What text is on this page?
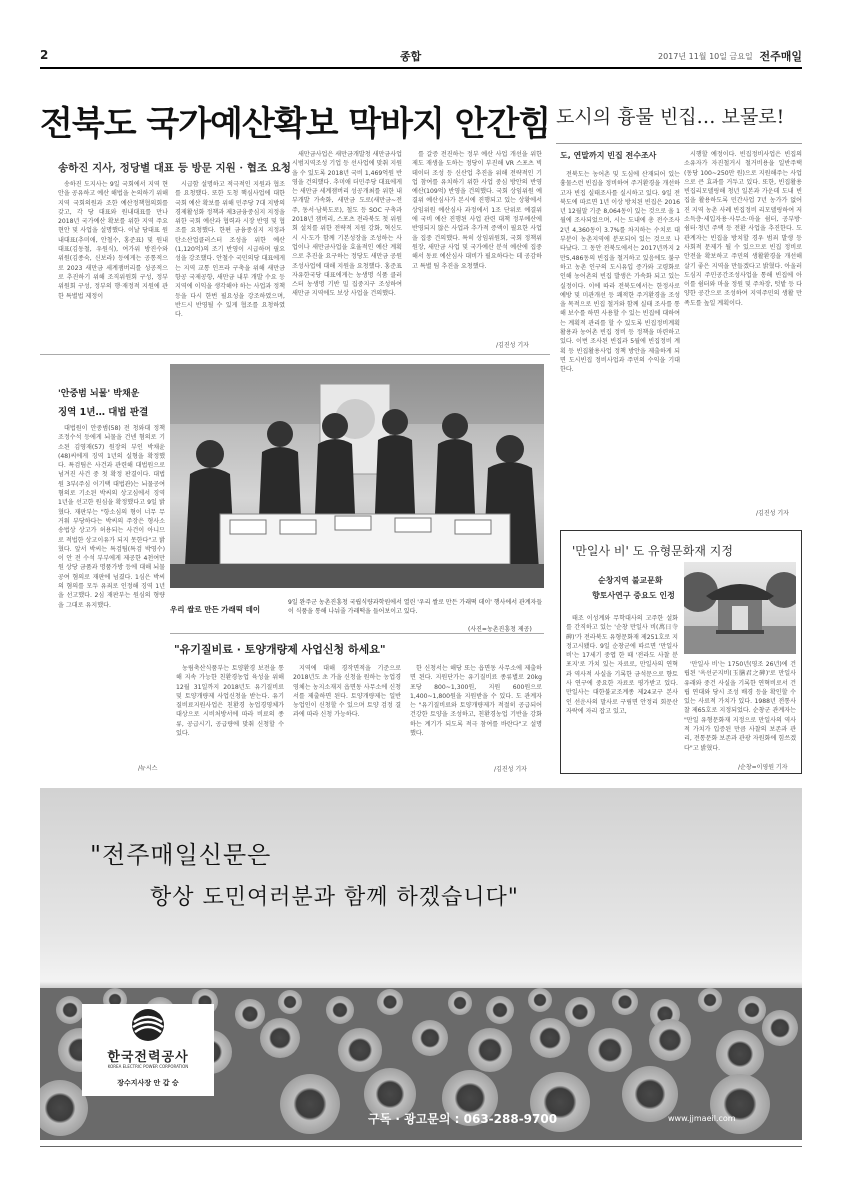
2	종합	2017년 11월 10일 금요일 전주매일
전북도 국가예산확보 막바지 안간힘
송하진 지사, 정당별 대표 등 방문 지원 · 협조 요청

송하진 도지사는 9일 국회에서 지역 현안을 공유하고 예산 해법을 논의하기 위해 지역 국회의원과 조한 예산정책협의회를 갖고, 각 당 대표와 원내대표를 만나 2018년 국가예산 확보를 위한 지역 주요현안 및 사업을 설명했다. 이날 당대표 원내대표(추미애, 안철수, 홍준표) 및 원내대표(김동철, 우원식), 여가위 방진수와 위원(김종숙, 신보라) 등에게는 공통적으로 2023 새만금 세계잼버리를 성공적으로 추진하기 위해 조직위원회 구성, 정부위원회 구성, 정부의 행·재정적 지원에 관한 특별법 제정이

시급함 설명하고 적극적인 지원과 협조를 요청했다. 또한 도청 핵심사업에 대한 국회 예산 확보를 위해 민주당 7대 지방의 경제활성화 정책과 제3금융중심지 지정을 위한 국회 예산과 협력과 시장 반영 및 협조를 요청했다. 한편 금융중심지 지정과 탄소산업클러스터 조성을 위한 예산(1,120억)의 조기 반영이 시급하며 필요성을 강조했다. 안철수 국민의당 대표에게는 지역 교통 인프라 구축을 위해 새만금 항공 국제공항, 새만금 내부 개발 수요 등 지역에 이익을 생각해야 하는 사업과 정책 등을 다시 한번 필요성을 강조하였으며, 반드시 반영될 수 있게 협조를 요청하였다.

새만금사업은 새만금개발청 새만금사업 시범지역조성 기업 등 선사업에 맞춰 지원을 수 있도록 2018년 국비 1,469억원 반영을 건의했다. 추미애 더민주당 대표에게는 새만금 세계잼버리 성공개최를 위한 내부개발 가속화, 새만금 도로(새만금~전주, 동서·남북도로), 철도 등 SOC 구축과 2018년 잼버리, 스포츠 전라북도 첫 위원회 설치를 위한 전략적 지원 강화, 혁신도시 시·도가 함께 기본성장을 조성하는 사업이나 새만금사업을 효율적인 예산 계획으로 추진을 요구하는 정당도 새만금 공원 조성사업에 대해 지원을 요청했다. 홍준표 자유한국당 대표에게는 농생명 식품 클러스터 농생명 기반 밀 집중지구 조성하여 새만금 지역에도 보상 사업을 건의했다.

를 갈증 전진하는 정부 예산 사업 개선을 위한 제도 재생을 도하는 정당이 부진해 VR 스포츠 빅데이터 조성 등 신산업 추진을 위해 전략적인 기업 참여를 유치하기 위한 사업 중심 방안의 반영 예산(109억) 반영을 건의했다. 국회 상임위원 예결위 예산심사가 본시에 진행되고 있는 상황에서 상임위원 예산심사 과정에서 1조 단위로 예결위에 국비 예산 진행된 사업 관련 대책 정부예산에 반영되지 않은 사업과 추가적 증액이 필요한 사업을 집중 건의했다. 특히 상임위원회, 국회 정책위원장, 새만금 사업 및 국가예산 분석 예산에 집중해서 동료 예산심사 대비가 필요하다는 데 공감하고 특별 팀 추진을 요청했다.

/김진성 기자
'안중범 뇌물' 박채운
징역 1년… 대법 판결

대법원이 안중범(58) 전 청와대 정책조정수석 등에게 뇌물을 건넨 혐의로 기소된 김영재(57) 원장의 부인 박채윤(48)씨에게 징역 1년의 실형을 확정했다. 특검팀은 사건과 관련해 대법원으로 넘겨진 사건 중 첫 확정 판결이다. 대법원 3부(주심 이기택 대법관)는 뇌물공여 혐의로 기소된 박씨의 상고심에서 징역 1년을 선고한 원심을 확정했다고 9일 밝혔다. 재판부는 "항소심의 형이 너무 무거워 부당하다는 박씨의 주장은 형사소송법상 상고가 허용되는 사건이 아니므로 적법한 상고이유가 되지 못한다"고 밝혔다. 앞서 박씨는 특검팀(특검 박영수)이 안 전 수석 부부에게 제공한 4천여만원 상당 금품과 명품가방 등에 대해 뇌물공여 혐의로 재판에 넘겼다. 1심은 박씨의 혐의를 모두 유죄로 인정해 징역 1년을 선고했다. 2심 재판부는 원심의 형량을 그대로 유지했다.

/뉴시스
우리 쌀로 만든 가래떡 데이
9일 완주군 농촌진흥청 국립식량과학원에서 열린 '우리 쌀로 만든 가래떡 데이' 행사에서 관계자들이 식품을 통해 나눠줄 가래떡을 들어보이고 있다.
(사진=농촌진흥청 제공)
"유기질비료 · 토양개량제 사업신청 하세요"

농림축산식품부는 토양환경 보전을 통해 지속 가능한 친환경농업 육성을 위해 12월 31일까지 2018년도 유기질비료 및 토양개량제 사업신청을 받는다. 유기질비료지원사업은 친환경 농업경영체가 대상으로 시비처방서에 따라 비료의 종류, 공급시기, 공급량에 맞춰 신청할 수 있다.

지역에 대해 경작면적을 기준으로 2018년도 초 가을 신청을 원하는 농업경영체는 농지소재지 읍면동 사무소에 신청서를 제출하면 된다. 토양개량제는 일반 농업인이 신청할 수 있으며 토양 검정 결과에 따라 신청 가능하다.

한 신청서는 해당 또는 읍면동 사무소에 제출하면 된다. 지원단가는 유기질비료 종류별로 20kg 포당 800~1,300원, 지원 600원으로 1,400~1,800원을 지원받을 수 있다. 도 관계자는 "유기질비료와 토양개량제가 적절히 공급되어 건강한 토양을 조성하고, 친환경농업 기반을 강화하는 계기가 되도록 적극 참여를 바란다"고 설명했다.

/김진성 기자
도시의 흉물 빈집… 보물로!
도, 연말까지 빈집 전수조사

전북도는 농어촌 및 도심에 산재되어 있는 흉물스런 빈집을 정비하여 주거환경을 개선하고자 빈집 실태조사를 실시하고 있다. 9일 전북도에 따르면 1년 이상 방치된 빈집은 2016년 12월말 기준 8,064동이 있는 것으로 올 1월에 조사되었으며, 시는 도내에 총 전수조사 2년 4,360동이 3.7%를 차지하는 수치로 대부분이 농촌지역에 분포되어 있는 것으로 나타났다. 그 동안 전북도에서는 2017년까지 2만5,486동의 빈집을 철거하고 있음에도 불구하고 농촌 인구의 도시유입 증가와 고령화로 인해 농어촌의 빈집 발생은 가속화 되고 있는 실정이다. 이에 따라 전북도에서는 한정사로 예방 및 미관개선 등 쾌적한 주거환경을 조성을 목적으로 빈집 철거와 함께 실태 조사를 통해 보수를 하면 사용할 수 있는 빈집에 대하여는 계획적 관리를 할 수 있도록 빈집정비계획 활용과 농어촌 빈집 정비 등 정책을 마련하고 있다. 이번 조사된 빈집과 5월에 빈집정비 계획 등 빈집활용사업 정책 방안을 제출하게 되면 도시빈집 정비사업과 주민의 수익을 기대한다.

시행할 예정이다. 빈집정비사업은 빈집의 소유자가 자진철거시 철거비용을 일반주택(동당 100~250만 원)으로 지원해주는 사업으로 큰 효과를 거두고 있다. 또한, 빈집활용 빈집리모델링해 청년 일본과 가운데 도내 빈집을 활용하도록 민간사업 7년 농가가 없어진 지역 농촌 사례 빈집정비 리모델링하여 저소득층·세입자용·사무소·마을 쉼터, 공부방·쉼터·청년 주택 등 전환 사업을 추진한다. 도 관계자는 빈집을 방치할 경우 범죄 발생 등 사회적 문제가 될 수 있으므로 빈집 정비로 안전을 확보하고 주민의 생활환경을 개선해 살기 좋은 지역을 만들겠다고 밝혔다. 아울러 도심지 주민공간조성사업을 통해 빈집에 아이를 쉼터와 마을 정원 및 주차장, 텃밭 등 다양한 공간으로 조성하여 지역주민의 생활 만족도를 높일 계획이다.

/김진성 기자
'만일사 비' 도 유형문화재 지정
순창지역 불교문화
향토사연구 중요도 인정

태조 이성계와 무학대사의 고주한 설화를 간직하고 있는 '순창 만일사 비(萬日寺 碑)'가 전라북도 유형문화재 제251호로 지정고시됐다. 9일 순창군에 따르면 '만일사 비'는 17세기 중엽 한 때 '전라도 사찰 분포지'로 가치 있는 자료로, 만일사의 연혁과 역사적 사실을 기록한 금석문으로 향토사 연구에 중요한 자료로 평가받고 있다. 만일사는 대한불교조계종 제24교구 본사인 선운사의 말사로 구림면 안정리 회문산 자락에 자리 잡고 있고,

'만일사 비'는 1750년(영조 26년)에 건립된 '옥선군지비(玉膳君之碑)'로 만일사 유래와 중건 사실을 기록한 연혁비로서 건립 연대와 당시 조성 배경 등을 확인할 수 있는 사료적 가치가 있다. 1988년 전통사찰 제65호로 지정되었다. 순창군 관계자는 "만일 유형문화재 지정으로 만일사의 역사적 가치가 입증된 만큼 사찰의 보존과 관리, 전통문화 보존과 관광 자원화에 힘쓰겠다"고 밝혔다.

/순창=이영원 기자
"전주매일신문은
항상 도민여러분과 함께 하겠습니다"
한국전력공사
KOREA ELECTRIC POWER CORPORATION
장수지사장 안 갑 승
구독 · 광고문의 : 063-288-9700	www.jjmaeil.com
